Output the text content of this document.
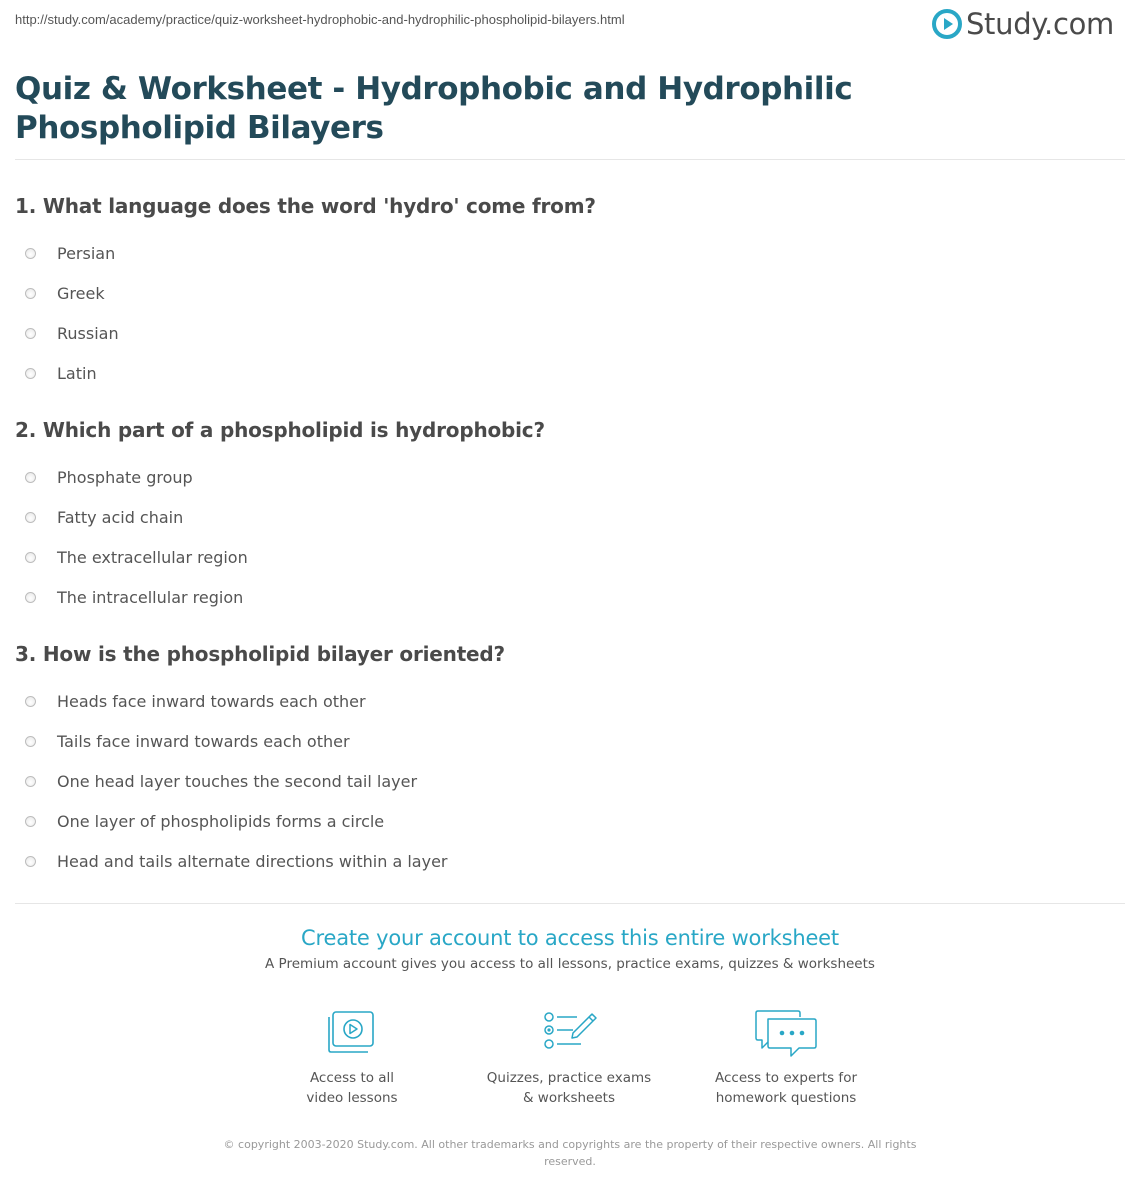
http://study.com/academy/practice/quiz-worksheet-hydrophobic-and-hydrophilic-phospholipid-bilayers.html	Study.com
Quiz & Worksheet - Hydrophobic and Hydrophilic
Phospholipid Bilayers

1. What language does the word 'hydro' come from?

Persian
Greek
Russian
Latin

2. Which part of a phospholipid is hydrophobic?

Phosphate group
Fatty acid chain
The extracellular region
The intracellular region

3. How is the phospholipid bilayer oriented?

Heads face inward towards each other
Tails face inward towards each other
One head layer touches the second tail layer
One layer of phospholipids forms a circle
Head and tails alternate directions within a layer
Create your account to access this entire worksheet
A Premium account gives you access to all lessons, practice exams, quizzes & worksheets
Access to all
video lessons
Quizzes, practice exams
& worksheets
Access to experts for
homework questions
© copyright 2003-2020 Study.com. All other trademarks and copyrights are the property of their respective owners. All rights
reserved.
